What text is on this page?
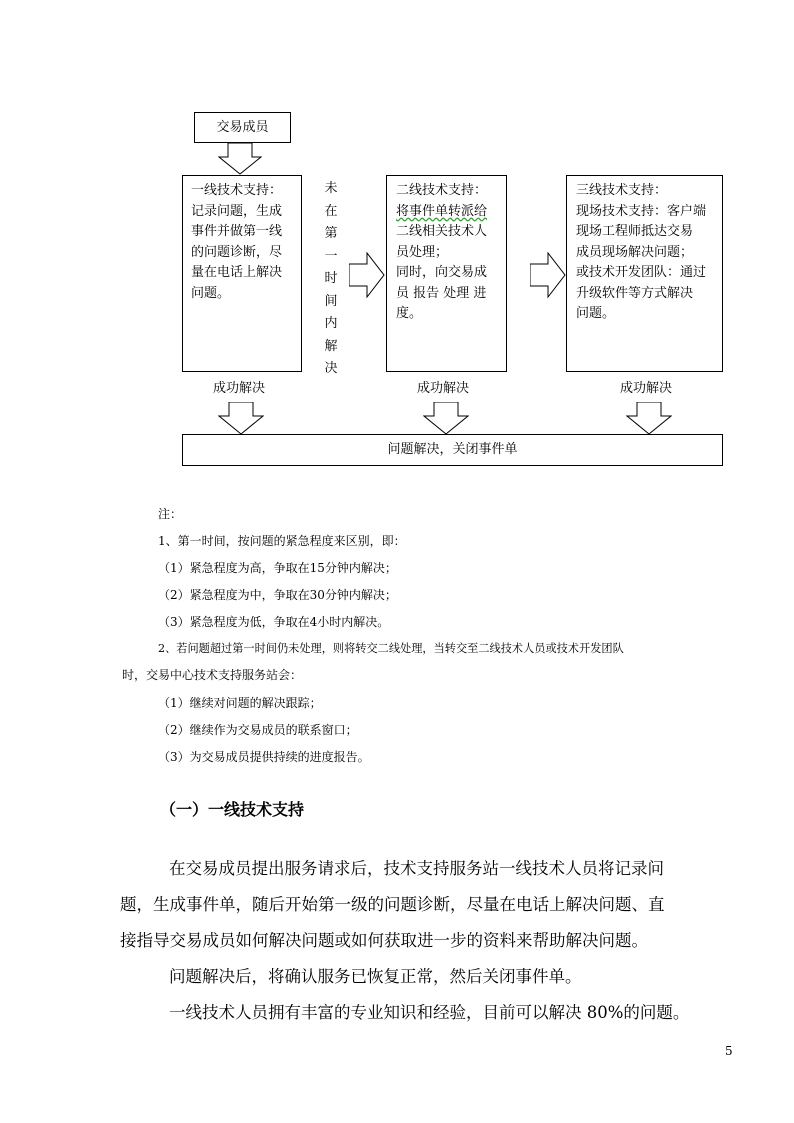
交易成员
一线技术支持：
记录问题，生成
事件并做第一线
的问题诊断，尽
量在电话上解决
问题。
未
在
第
一
时
间
内
解
决
二线技术支持：
将事件单转派给
二线相关技术人
员处理；
同时，向交易成
员 报告 处理 进
度。
三线技术支持：
现场技术支持：客户端
现场工程师抵达交易
成员现场解决问题；
或技术开发团队：通过
升级软件等方式解决
问题。
成功解决	成功解决	成功解决
问题解决，关闭事件单
注：
1、第一时间，按问题的紧急程度来区别，即：
（1）紧急程度为高，争取在15分钟内解决；
（2）紧急程度为中，争取在30分钟内解决；
（3）紧急程度为低，争取在4小时内解决。
2、若问题超过第一时间仍未处理，则将转交二线处理，当转交至二线技术人员或技术开发团队
时，交易中心技术支持服务站会：
（1）继续对问题的解决跟踪；
（2）继续作为交易成员的联系窗口；
（3）为交易成员提供持续的进度报告。
（一）一线技术支持
在交易成员提出服务请求后，技术支持服务站一线技术人员将记录问
题，生成事件单，随后开始第一级的问题诊断，尽量在电话上解决问题、直
接指导交易成员如何解决问题或如何获取进一步的资料来帮助解决问题。
问题解决后，将确认服务已恢复正常，然后关闭事件单。
一线技术人员拥有丰富的专业知识和经验，目前可以解决 80%的问题。
5
